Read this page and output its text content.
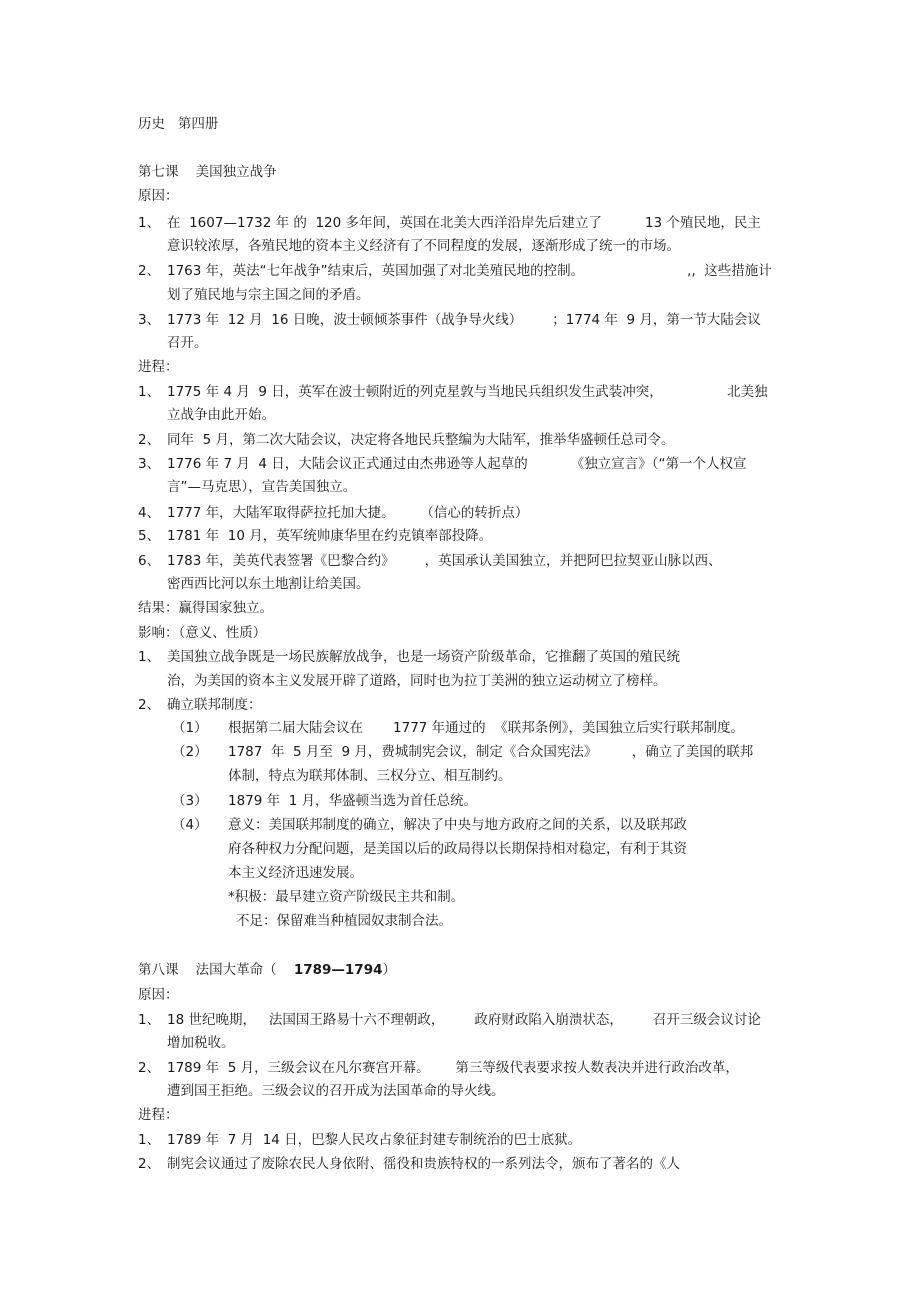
历史   第四册
第七课    美国独立战争
原因：
1、 在  1607—1732 年 的  120 多年间，英国在北美大西洋沿岸先后建立了          13 个殖民地，民主
意识较浓厚，各殖民地的资本主义经济有了不同程度的发展，逐渐形成了统一的市场。
2、 1763 年，英法“七年战争”结束后，英国加强了对北美殖民地的控制。                        ,,  这些措施计
划了殖民地与宗主国之间的矛盾。
3、 1773 年  12 月  16 日晚，波士顿倾茶事件（战争导火线）       ；1774 年  9 月，第一节大陆会议
召开。
进程：
1、 1775 年 4 月  9 日，英军在波士顿附近的列克星敦与当地民兵组织发生武装冲突，               北美独
立战争由此开始。
2、 同年  5 月，第二次大陆会议，决定将各地民兵整编为大陆军，推举华盛顿任总司令。
3、 1776 年 7 月  4 日，大陆会议正式通过由杰弗逊等人起草的          《独立宣言》（“第一个人权宣
言”—马克思），宣告美国独立。
4、 1777 年，大陆军取得萨拉托加大捷。      （信心的转折点）
5、 1781 年  10 月，英军统帅康华里在约克镇率部投降。
6、 1783 年，美英代表签署《巴黎合约》       ，英国承认美国独立，并把阿巴拉契亚山脉以西、
密西西比河以东土地割让给美国。
结果：赢得国家独立。
影响：（意义、性质）
1、 美国独立战争既是一场民族解放战争，也是一场资产阶级革命，它推翻了英国的殖民统
治，为美国的资本主义发展开辟了道路，同时也为拉丁美洲的独立运动树立了榜样。
2、 确立联邦制度：
（1） 根据第二届大陆会议在       1777 年通过的  《联邦条例》，美国独立后实行联邦制度。
（2） 1787  年  5 月至  9 月，费城制宪会议，制定《合众国宪法》        ，确立了美国的联邦
体制，特点为联邦体制、三权分立、相互制约。
（3） 1879 年  1 月，华盛顿当选为首任总统。
（4） 意义：美国联邦制度的确立，解决了中央与地方政府之间的关系，以及联邦政
府各种权力分配问题，是美国以后的政局得以长期保持相对稳定，有利于其资
本主义经济迅速发展。
*积极：最早建立资产阶级民主共和制。
不足：保留难当种植园奴隶制合法。
第八课    法国大革命（    1789—1794）
原因：
1、 18 世纪晚期，   法国国王路易十六不理朝政，       政府财政陷入崩溃状态，       召开三级会议讨论
增加税收。
2、 1789 年  5 月，三级会议在凡尔赛宫开幕。      第三等级代表要求按人数表决并进行政治改革，
遭到国王拒绝。三级会议的召开成为法国革命的导火线。
进程：
1、 1789 年  7 月  14 日，巴黎人民攻占象征封建专制统治的巴士底狱。
2、 制宪会议通过了废除农民人身依附、徭役和贵族特权的一系列法令，颁布了著名的《人
